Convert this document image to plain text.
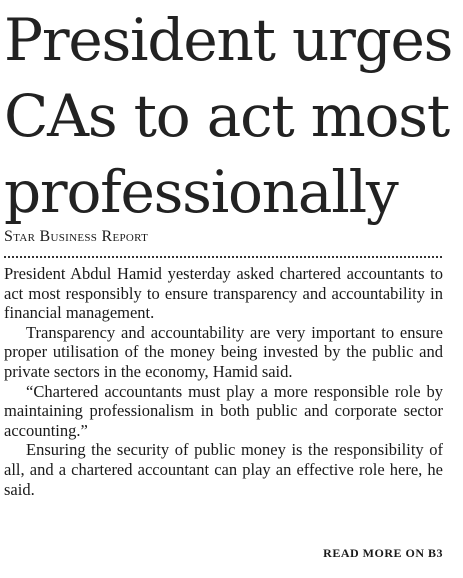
President urges
CAs to act most
professionally

Star Business Report

President Abdul Hamid yesterday asked chartered accountants to act most responsibly to ensure transparency and accountability in financial management.

Transparency and accountability are very important to ensure proper utilisation of the money being invested by the public and private sectors in the economy, Hamid said.

“Chartered accountants must play a more responsible role by maintaining professionalism in both public and corporate sector accounting.”

Ensuring the security of public money is the responsibility of all, and a chartered accountant can play an effective role here, he said.

READ MORE ON B3
